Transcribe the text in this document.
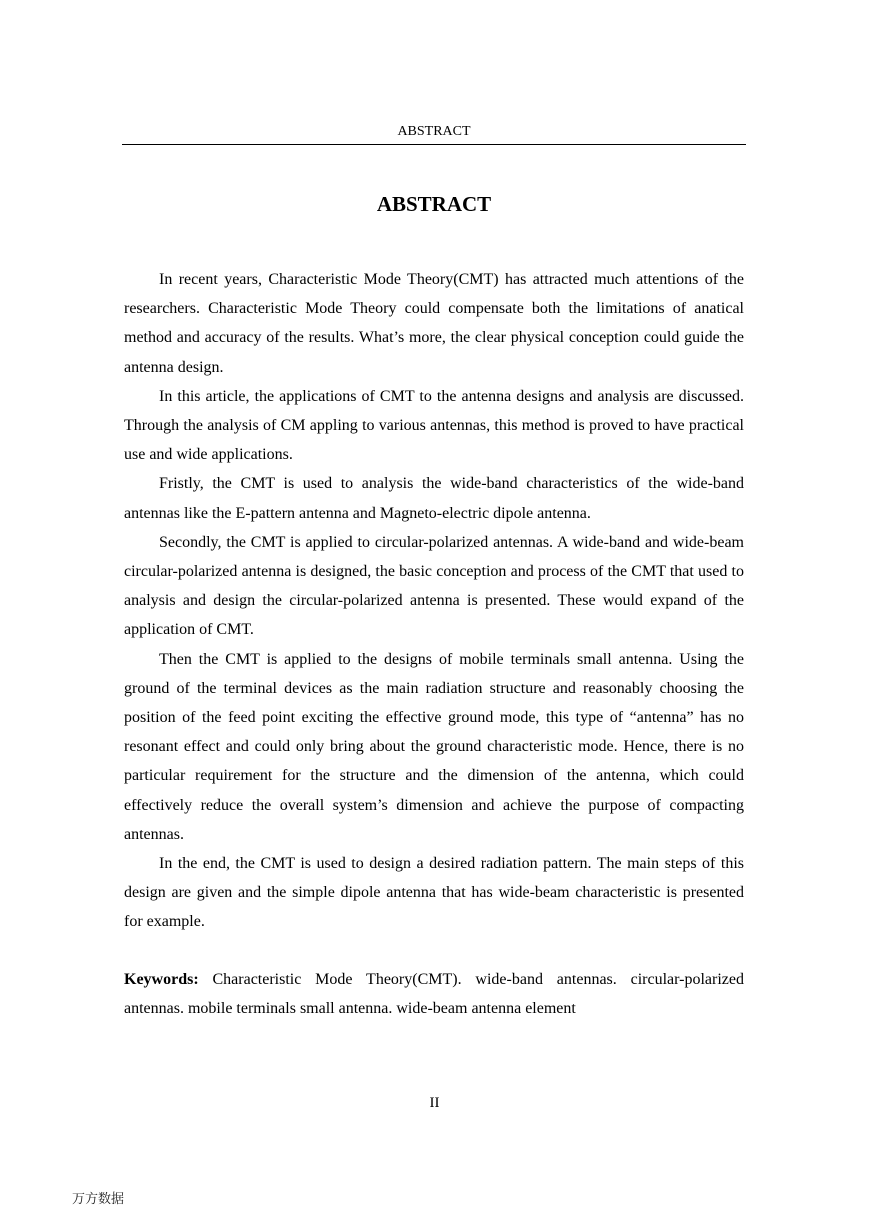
ABSTRACT
ABSTRACT

In recent years, Characteristic Mode Theory(CMT) has attracted much attentions of the researchers. Characteristic Mode Theory could compensate both the limitations of anatical method and accuracy of the results. What’s more, the clear physical conception could guide the antenna design.

In this article, the applications of CMT to the antenna designs and analysis are discussed. Through the analysis of CM appling to various antennas, this method is proved to have practical use and wide applications.

Fristly, the CMT is used to analysis the wide-band characteristics of the wide-band antennas like the E-pattern antenna and Magneto-electric dipole antenna.

Secondly, the CMT is applied to circular-polarized antennas. A wide-band and wide-beam circular-polarized antenna is designed, the basic conception and process of the CMT that used to analysis and design the circular-polarized antenna is presented. These would expand of the application of CMT.

Then the CMT is applied to the designs of mobile terminals small antenna. Using the ground of the terminal devices as the main radiation structure and reasonably choosing the position of the feed point exciting the effective ground mode, this type of “antenna” has no resonant effect and could only bring about the ground characteristic mode. Hence, there is no particular requirement for the structure and the dimension of the antenna, which could effectively reduce the overall system’s dimension and achieve the purpose of compacting antennas.

In the end, the CMT is used to design a desired radiation pattern. The main steps of this design are given and the simple dipole antenna that has wide-beam characteristic is presented for example.

Keywords: Characteristic Mode Theory(CMT). wide-band antennas. circular-polarized antennas. mobile terminals small antenna. wide-beam antenna element
II
万方数据
